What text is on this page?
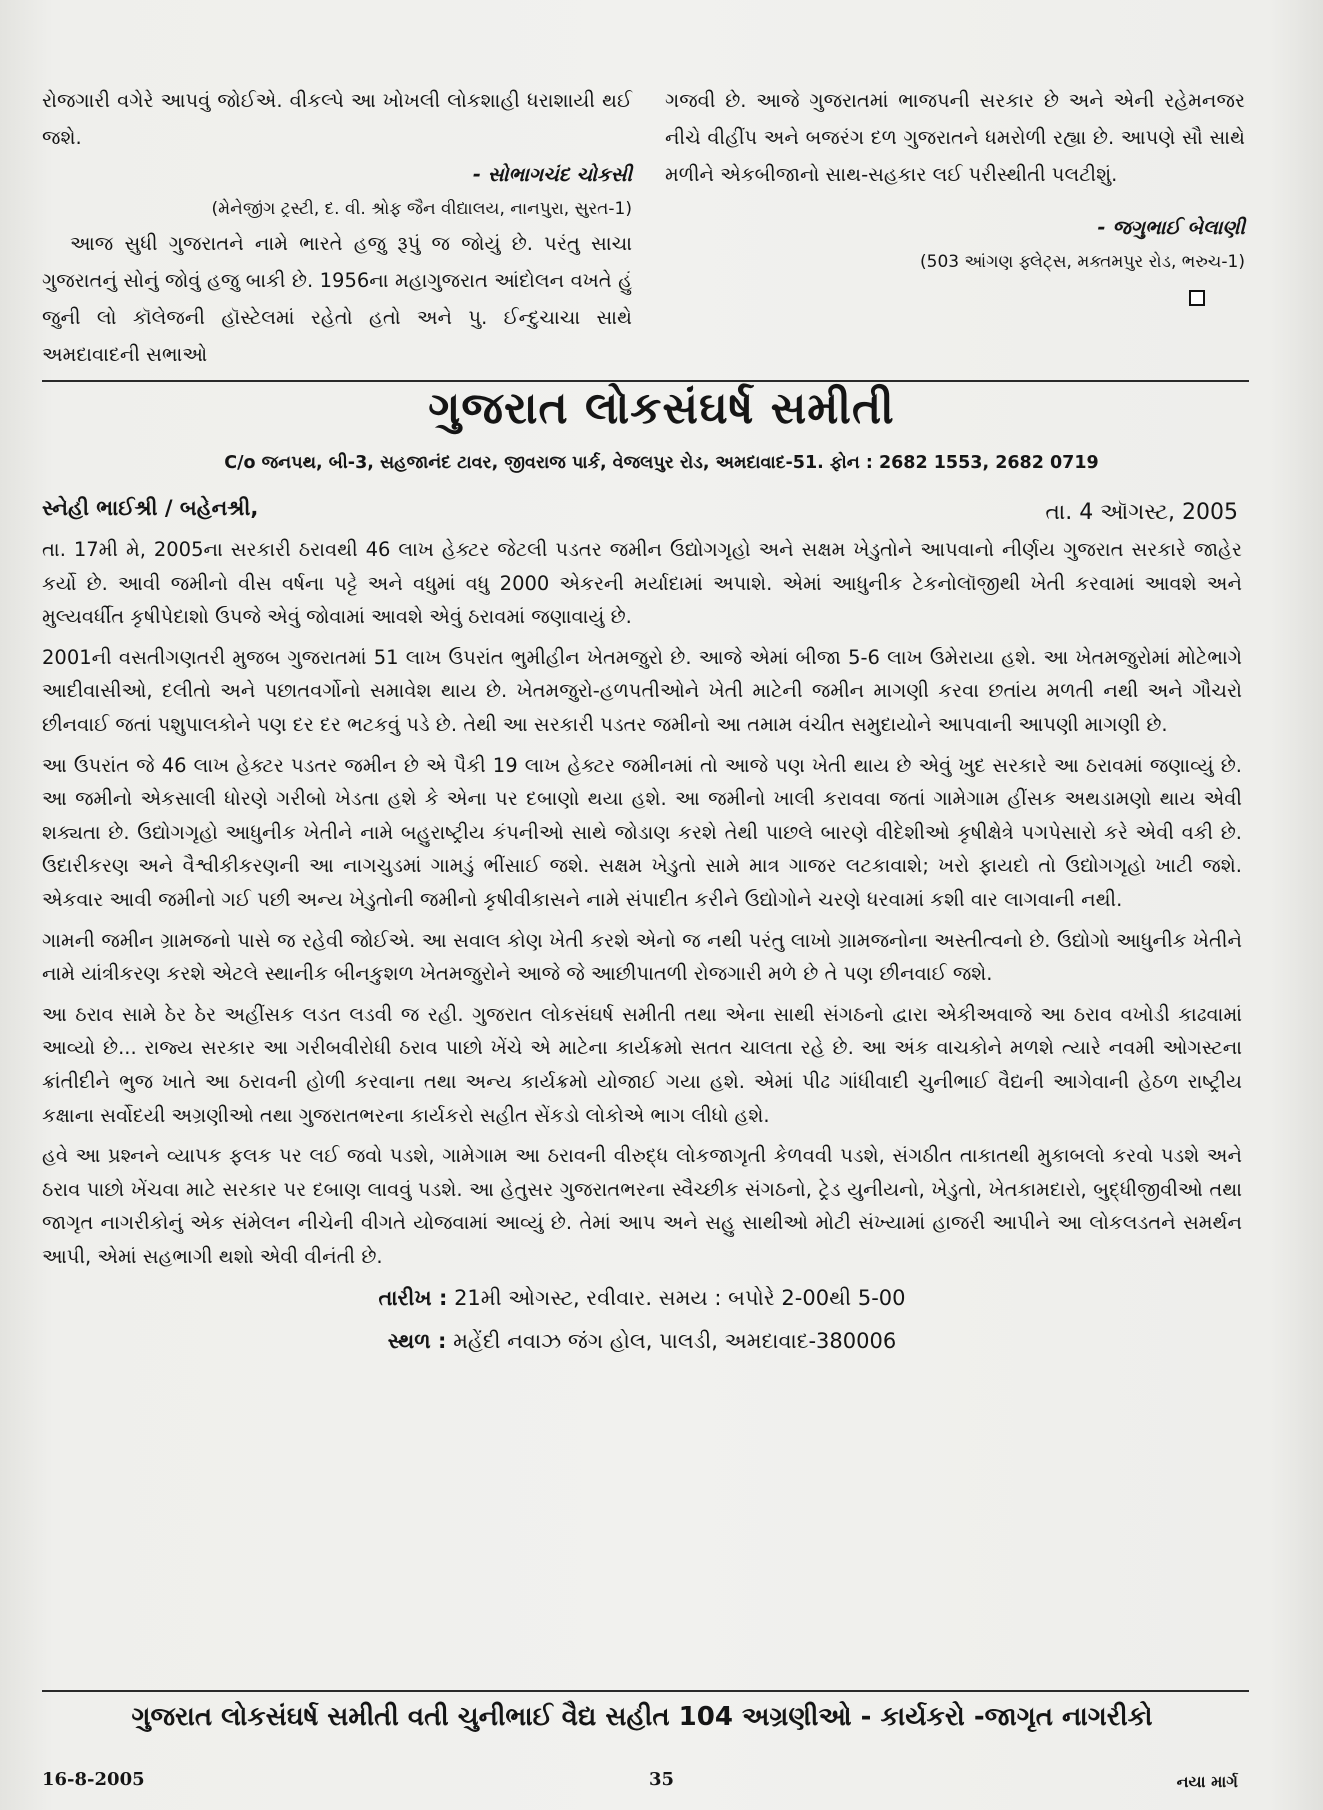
રોજગારી વગેરે આપવું જોઈએ. વીકલ્પે આ ખોખલી લોકશાહી ધરાશાયી થઈ જશે.

- સોભાગચંદ ચોકસી

(મેનેજીંગ ટ્રસ્ટી, દ. વી. શ્રોફ જૈન વીદ્યાલય, નાનપુરા, સુરત-1)

આજ સુધી ગુજરાતને નામે ભારતે હજુ રૂપું જ જોયું છે. પરંતુ સાચા ગુજરાતનું સોનું જોવું હજુ બાકી છે. 1956ના મહાગુજરાત આંદોલન વખતે હું જુની લો કૉલેજની હૉસ્ટેલમાં રહેતો હતો અને પુ. ઈન્દુચાચા સાથે અમદાવાદની સભાઓ

ગજવી છે. આજે ગુજરાતમાં ભાજપની સરકાર છે અને એની રહેમનજર નીચે વીહીંપ અને બજરંગ દળ ગુજરાતને ધમરોળી રહ્યા છે. આપણે સૌ સાથે મળીને એકબીજાનો સાથ-સહકાર લઈ પરીસ્થીતી પલટીશું.

- જગુભાઈ બેલાણી

(503 આંગણ ફ્લેટ્સ, મક્તમપુર રોડ, ભરુચ-1)

ગુજરાત લોકસંઘર્ષ સમીતી
C/o જનપથ, બી-3, સહજાનંદ ટાવર, જીવરાજ પાર્ક, વેજલપુર રોડ, અમદાવાદ-51. ફોન : 2682 1553, 2682 0719
સ્નેહી ભાઈશ્રી / બહેનશ્રી,	તા. 4 ઑગસ્ટ, 2005

તા. 17મી મે, 2005ના સરકારી ઠરાવથી 46 લાખ હેક્ટર જેટલી પડતર જમીન ઉદ્યોગગૃહો અને સક્ષમ ખેડુતોને આપવાનો નીર્ણય ગુજરાત સરકારે જાહેર કર્યો છે. આવી જમીનો વીસ વર્ષના પટ્ટે અને વધુમાં વધુ 2000 એકરની મર્યાદામાં અપાશે. એમાં આધુનીક ટેકનોલૉજીથી ખેતી કરવામાં આવશે અને મુલ્યવર્ધીત કૃષીપેદાશો ઉપજે એવું જોવામાં આવશે એવું ઠરાવમાં જણાવાયું છે.

2001ની વસતીગણતરી મુજબ ગુજરાતમાં 51 લાખ ઉપરાંત ભુમીહીન ખેતમજુરો છે. આજે એમાં બીજા 5-6 લાખ ઉમેરાયા હશે. આ ખેતમજુરોમાં મોટેભાગે આદીવાસીઓ, દલીતો અને પછાતવર્ગોનો સમાવેશ થાય છે. ખેતમજુરો-હળપતીઓને ખેતી માટેની જમીન માગણી કરવા છતાંય મળતી નથી અને ગૌચરો છીનવાઈ જતાં પશુપાલકોને પણ દર દર ભટકવું પડે છે. તેથી આ સરકારી પડતર જમીનો આ તમામ વંચીત સમુદાયોને આપવાની આપણી માગણી છે.

આ ઉપરાંત જે 46 લાખ હેક્ટર પડતર જમીન છે એ પૈકી 19 લાખ હેક્ટર જમીનમાં તો આજે પણ ખેતી થાય છે એવું ખુદ સરકારે આ ઠરાવમાં જણાવ્યું છે. આ જમીનો એકસાલી ધોરણે ગરીબો ખેડતા હશે કે એના પર દબાણો થયા હશે. આ જમીનો ખાલી કરાવવા જતાં ગામેગામ હીંસક અથડામણો થાય એવી શક્યતા છે. ઉદ્યોગગૃહો આધુનીક ખેતીને નામે બહુરાષ્ટ્રીય કંપનીઓ સાથે જોડાણ કરશે તેથી પાછલે બારણે વીદેશીઓ કૃષીક્ષેત્રે પગપેસારો કરે એવી વકી છે. ઉદારીકરણ અને વૈશ્વીકીકરણની આ નાગચુડમાં ગામડું ભીંસાઈ જશે. સક્ષમ ખેડુતો સામે માત્ર ગાજર લટકાવાશે; ખરો ફાયદો તો ઉદ્યોગગૃહો ખાટી જશે. એકવાર આવી જમીનો ગઈ પછી અન્ય ખેડુતોની જમીનો કૃષીવીકાસને નામે સંપાદીત કરીને ઉદ્યોગોને ચરણે ધરવામાં કશી વાર લાગવાની નથી.

ગામની જમીન ગ્રામજનો પાસે જ રહેવી જોઈએ. આ સવાલ કોણ ખેતી કરશે એનો જ નથી પરંતુ લાખો ગ્રામજનોના અસ્તીત્વનો છે. ઉદ્યોગો આધુનીક ખેતીને નામે યાંત્રીકરણ કરશે એટલે સ્થાનીક બીનકુશળ ખેતમજુરોને આજે જે આછીપાતળી રોજગારી મળે છે તે પણ છીનવાઈ જશે.

આ ઠરાવ સામે ઠેર ઠેર અહીંસક લડત લડવી જ રહી. ગુજરાત લોકસંઘર્ષ સમીતી તથા એના સાથી સંગઠનો દ્વારા એકીઅવાજે આ ઠરાવ વખોડી કાઢવામાં આવ્યો છે... રાજ્ય સરકાર આ ગરીબવીરોધી ઠરાવ પાછો ખેંચે એ માટેના કાર્યક્રમો સતત ચાલતા રહે છે. આ અંક વાચકોને મળશે ત્યારે નવમી ઓગસ્ટના ક્રાંતીદીને ભુજ ખાતે આ ઠરાવની હોળી કરવાના તથા અન્ય કાર્યક્રમો યોજાઈ ગયા હશે. એમાં પીઢ ગાંધીવાદી ચુનીભાઈ વૈદ્યની આગેવાની હેઠળ રાષ્ટ્રીય કક્ષાના સર્વોદયી અગ્રણીઓ તથા ગુજરાતભરના કાર્યકરો સહીત સેંકડો લોકોએ ભાગ લીધો હશે.

હવે આ પ્રશ્નને વ્યાપક ફલક પર લઈ જવો પડશે, ગામેગામ આ ઠરાવની વીરુદ્ધ લોકજાગૃતી કેળવવી પડશે, સંગઠીત તાકાતથી મુકાબલો કરવો પડશે અને ઠરાવ પાછો ખેંચવા માટે સરકાર પર દબાણ લાવવું પડશે. આ હેતુસર ગુજરાતભરના સ્વૈચ્છીક સંગઠનો, ટ્રેડ યુનીયનો, ખેડુતો, ખેતકામદારો, બુદ્ધીજીવીઓ તથા જાગૃત નાગરીકોનું એક સંમેલન નીચેની વીગતે યોજવામાં આવ્યું છે. તેમાં આપ અને સહુ સાથીઓ મોટી સંખ્યામાં હાજરી આપીને આ લોકલડતને સમર્થન આપી, એમાં સહભાગી થશો એવી વીનંતી છે.

તારીખ : 21મી ઓગસ્ટ, રવીવાર. સમય : બપોરે 2-00થી 5-00

સ્થળ : મહેંદી નવાઝ જંગ હોલ, પાલડી, અમદાવાદ-380006

ગુજરાત લોકસંઘર્ષ સમીતી વતી ચુનીભાઈ વૈદ્ય સહીત 104 અગ્રણીઓ - કાર્યકરો -જાગૃત નાગરીકો
16-8-2005	35	નયા માર્ગ
